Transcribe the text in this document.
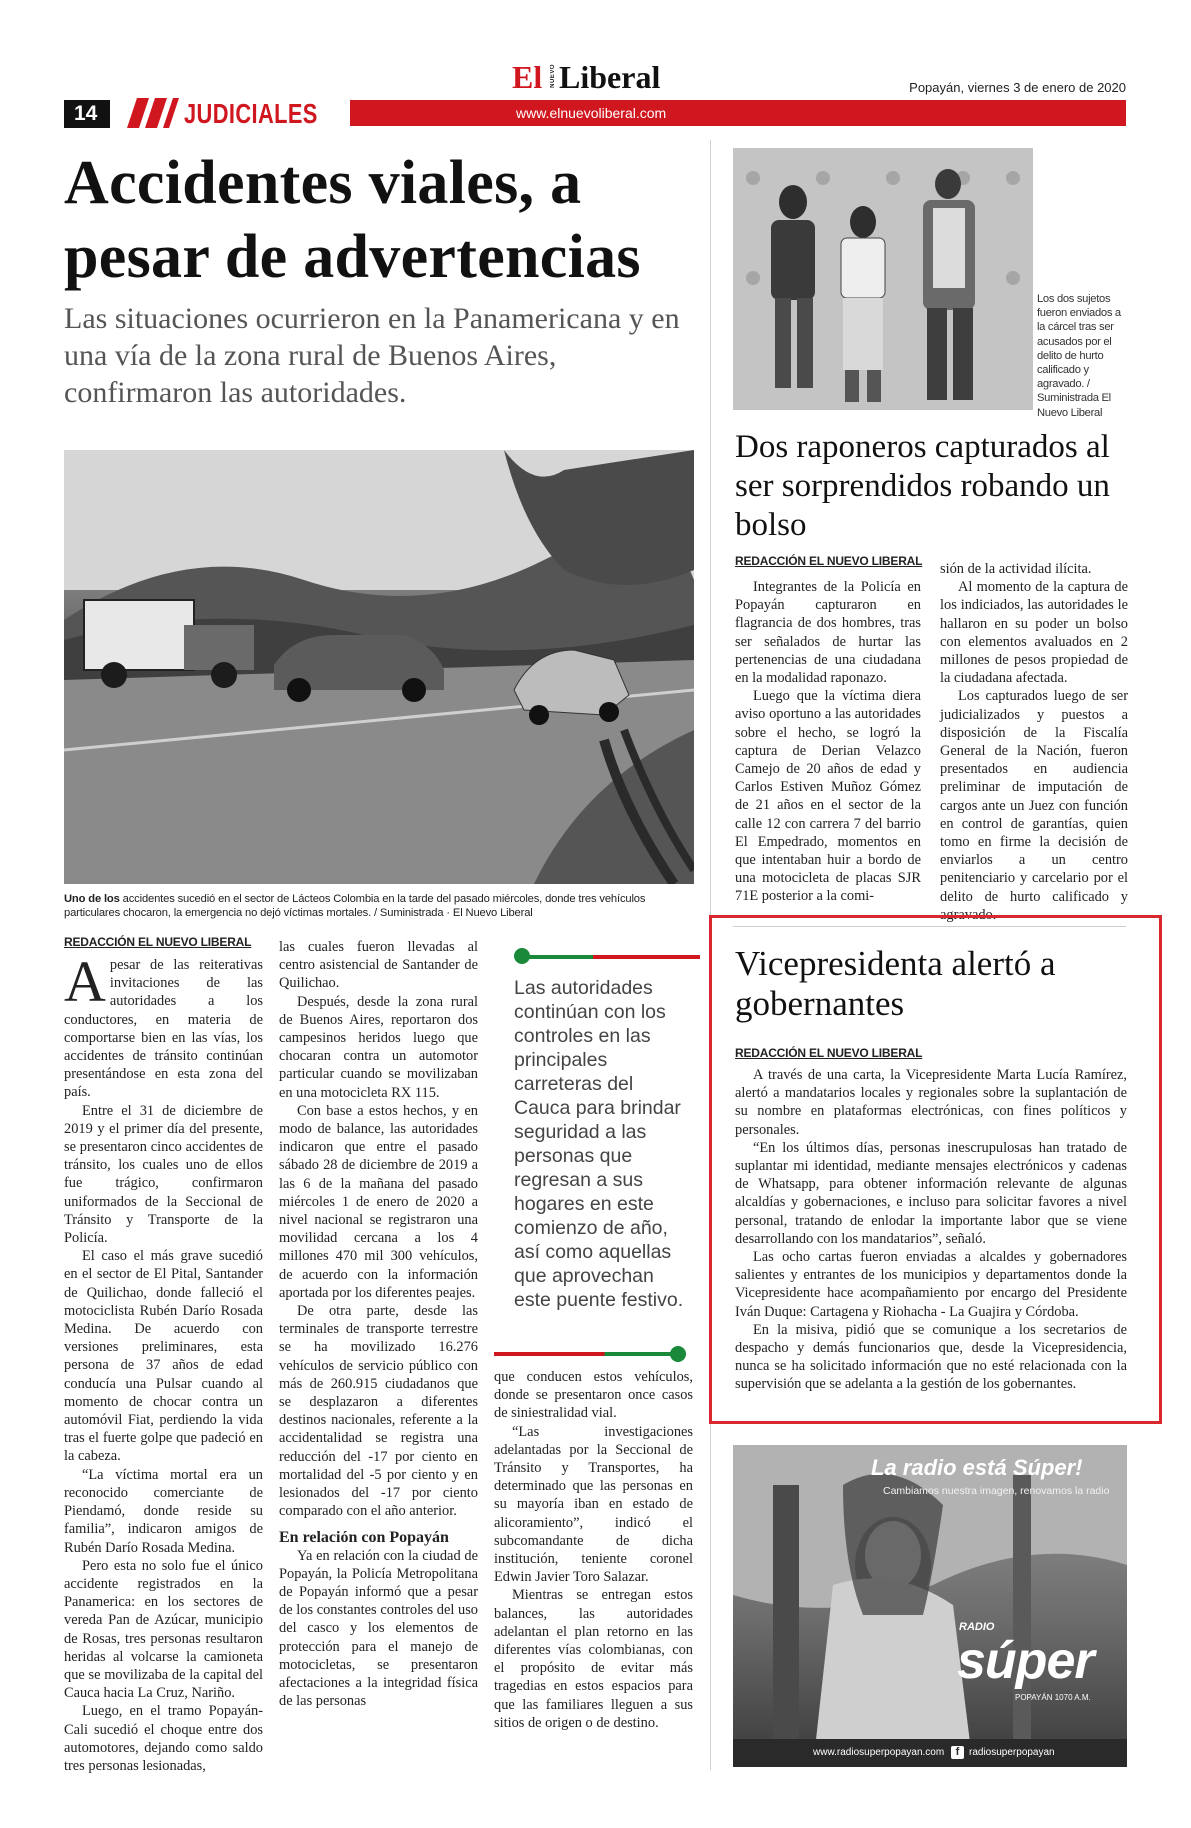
El NUEVO Liberal	Popayán, viernes 3 de enero de 2020
14	JUDICIALES	www.elnuevoliberal.com
Accidentes viales, a pesar de advertencias
Las situaciones ocurrieron en la Panamericana y en una vía de la zona rural de Buenos Aires, confirmaron las autoridades.

Uno de los accidentes sucedió en el sector de Lácteos Colombia en la tarde del pasado miércoles, donde tres vehículos particulares chocaron, la emergencia no dejó víctimas mortales. / Suministrada · El Nuevo Liberal

REDACCIÓN EL NUEVO LIBERAL
A pesar de las reiterativas invitaciones de las autoridades a los conductores, en materia de comportarse bien en las vías, los accidentes de tránsito continúan presentándose en esta zona del país.

Entre el 31 de diciembre de 2019 y el primer día del presente, se presentaron cinco accidentes de tránsito, los cuales uno de ellos fue trágico, confirmaron uniformados de la Seccional de Tránsito y Transporte de la Policía.

El caso el más grave sucedió en el sector de El Pital, Santander de Quilichao, donde falleció el motociclista Rubén Darío Rosada Medina. De acuerdo con versiones preliminares, esta persona de 37 años de edad conducía una Pulsar cuando al momento de chocar contra un automóvil Fiat, perdiendo la vida tras el fuerte golpe que padeció en la cabeza.

“La víctima mortal era un reconocido comerciante de Piendamó, donde reside su familia”, indicaron amigos de Rubén Darío Rosada Medina.

Pero esta no solo fue el único accidente registrados en la Panamerica: en los sectores de vereda Pan de Azúcar, municipio de Rosas, tres personas resultaron heridas al volcarse la camioneta que se movilizaba de la capital del Cauca hacia La Cruz, Nariño.

Luego, en el tramo Popayán-Cali sucedió el choque entre dos automotores, dejando como saldo tres personas lesionadas,

las cuales fueron llevadas al centro asistencial de Santander de Quilichao.

Después, desde la zona rural de Buenos Aires, reportaron dos campesinos heridos luego que chocaran contra un automotor particular cuando se movilizaban en una motocicleta RX 115.

Con base a estos hechos, y en modo de balance, las autoridades indicaron que entre el pasado sábado 28 de diciembre de 2019 a las 6 de la mañana del pasado miércoles 1 de enero de 2020 a nivel nacional se registraron una movilidad cercana a los 4 millones 470 mil 300 vehículos, de acuerdo con la información aportada por los diferentes peajes.

De otra parte, desde las terminales de transporte terrestre se ha movilizado 16.276 vehículos de servicio público con más de 260.915 ciudadanos que se desplazaron a diferentes destinos nacionales, referente a la accidentalidad se registra una reducción del -17 por ciento en mortalidad del -5 por ciento y en lesionados del -17 por ciento comparado con el año anterior.

En relación con Popayán

Ya en relación con la ciudad de Popayán, la Policía Metropolitana de Popayán informó que a pesar de los constantes controles del uso del casco y los elementos de protección para el manejo de motocicletas, se presentaron afectaciones a la integridad física de las personas

Las autoridades continúan con los controles en las principales carreteras del Cauca para brindar seguridad a las personas que regresan a sus hogares en este comienzo de año, así como aquellas que aprovechan este puente festivo.

que conducen estos vehículos, donde se presentaron once casos de siniestralidad vial.

“Las investigaciones adelantadas por la Seccional de Tránsito y Transportes, ha determinado que las personas en su mayoría iban en estado de alicoramiento”, indicó el subcomandante de dicha institución, teniente coronel Edwin Javier Toro Salazar.

Mientras se entregan estos balances, las autoridades adelantan el plan retorno en las diferentes vías colombianas, con el propósito de evitar más tragedias en estos espacios para que las familiares lleguen a sus sitios de origen o de destino.

Los dos sujetos fueron enviados a la cárcel tras ser acusados por el delito de hurto calificado y agravado. / Suministrada El Nuevo Liberal

Dos raponeros capturados al ser sorprendidos robando un bolso
REDACCIÓN EL NUEVO LIBERAL

Integrantes de la Policía en Popayán capturaron en flagrancia de dos hombres, tras ser señalados de hurtar las pertenencias de una ciudadana en la modalidad raponazo.

Luego que la víctima diera aviso oportuno a las autoridades sobre el hecho, se logró la captura de Derian Velazco Camejo de 20 años de edad y Carlos Estiven Muñoz Gómez de 21 años en el sector de la calle 12 con carrera 7 del barrio El Empedrado, momentos en que intentaban huir a bordo de una motocicleta de placas SJR 71E posterior a la comi-

sión de la actividad ilícita.

Al momento de la captura de los indiciados, las autoridades le hallaron en su poder un bolso con elementos avaluados en 2 millones de pesos propiedad de la ciudadana afectada.

Los capturados luego de ser judicializados y puestos a disposición de la Fiscalía General de la Nación, fueron presentados en audiencia preliminar de imputación de cargos ante un Juez con función en control de garantías, quien tomo en firme la decisión de enviarlos a un centro penitenciario y carcelario por el delito de hurto calificado y agravado.

Vicepresidenta alertó a gobernantes
REDACCIÓN EL NUEVO LIBERAL

A través de una carta, la Vicepresidente Marta Lucía Ramírez, alertó a mandatarios locales y regionales sobre la suplantación de su nombre en plataformas electrónicas, con fines políticos y personales.

“En los últimos días, personas inescrupulosas han tratado de suplantar mi identidad, mediante mensajes electrónicos y cadenas de Whatsapp, para obtener información relevante de algunas alcaldías y gobernaciones, e incluso para solicitar favores a nivel personal, tratando de enlodar la importante labor que se viene desarrollando con los mandatarios”, señaló.

Las ocho cartas fueron enviadas a alcaldes y gobernadores salientes y entrantes de los municipios y departamentos donde la Vicepresidente hace acompañamiento por encargo del Presidente Iván Duque: Cartagena y Riohacha - La Guajira y Córdoba.

En la misiva, pidió que se comunique a los secretarios de despacho y demás funcionarios que, desde la Vicepresidencia, nunca se ha solicitado información que no esté relacionada con la supervisión que se adelanta a la gestión de los gobernantes.

La radio está Súper!
Cambiamos nuestra imagen, renovamos la radio
RADIO
súper
POPAYÁN 1070 A.M.
www.radiosuperpopayan.com	f radiosuperpopayan
